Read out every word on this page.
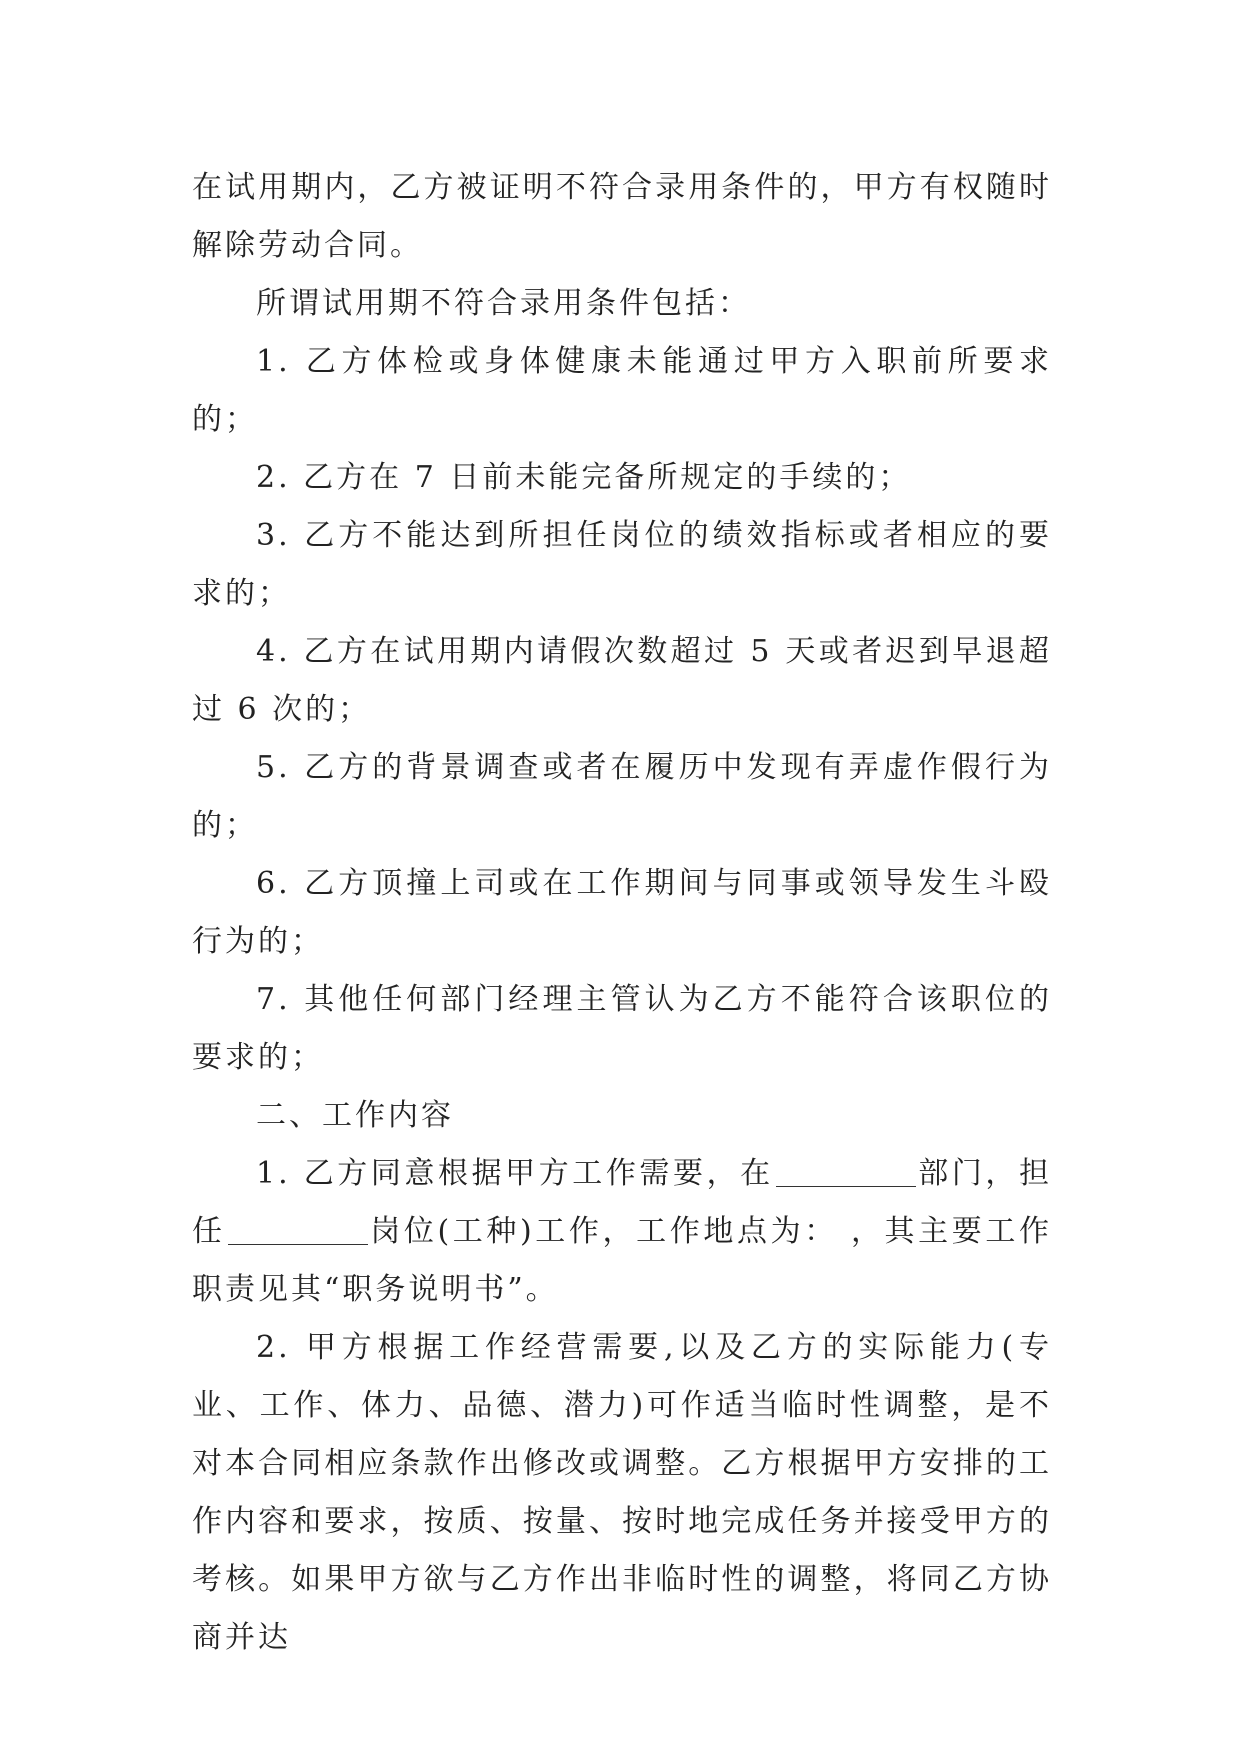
在试用期内，乙方被证明不符合录用条件的，甲方有权随时解除劳动合同。

所谓试用期不符合录用条件包括：

1. 乙方体检或身体健康未能通过甲方入职前所要求的；

2. 乙方在 7 日前未能完备所规定的手续的；

3. 乙方不能达到所担任岗位的绩效指标或者相应的要求的；

4. 乙方在试用期内请假次数超过 5 天或者迟到早退超过 6 次的；

5. 乙方的背景调查或者在履历中发现有弄虚作假行为的；

6. 乙方顶撞上司或在工作期间与同事或领导发生斗殴行为的；

7. 其他任何部门经理主管认为乙方不能符合该职位的要求的；

二、工作内容

1. 乙方同意根据甲方工作需要，在	部门，担任	岗位(工种)工作，工作地点为： ，其主要工作职责见其“职务说明书”。

2. 甲方根据工作经营需要,以及乙方的实际能力(专业、工作、体力、品德、潜力)可作适当临时性调整，是不对本合同相应条款作出修改或调整。乙方根据甲方安排的工作内容和要求，按质、按量、按时地完成任务并接受甲方的考核。如果甲方欲与乙方作出非临时性的调整，将同乙方协商并达
